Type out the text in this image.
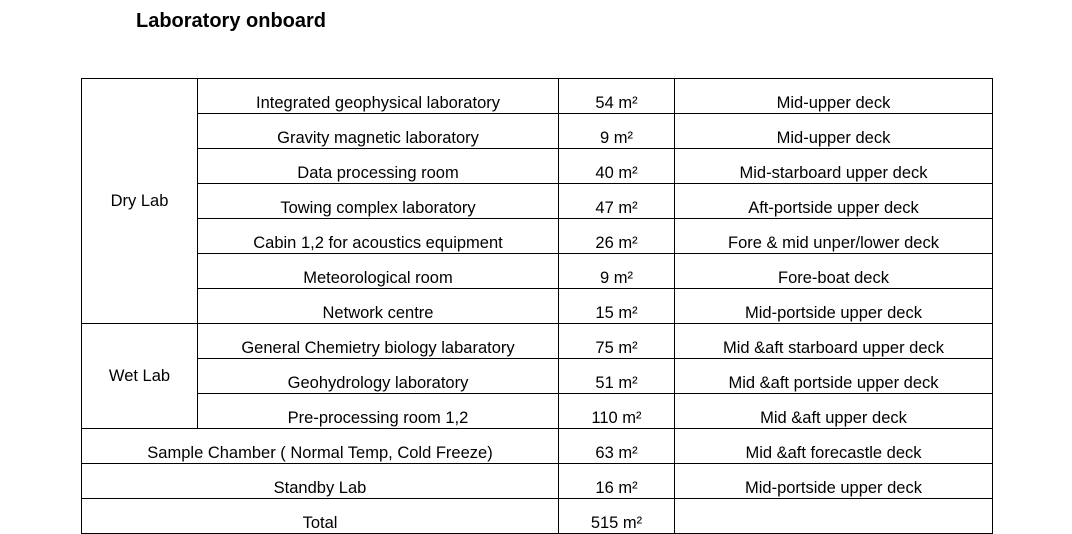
Laboratory onboard
Dry Lab	Integrated geophysical laboratory	54 m²	Mid-upper deck
	Gravity magnetic laboratory	9 m²	Mid-upper deck
	Data processing room	40 m²	Mid-starboard upper deck
	Towing complex laboratory	47 m²	Aft-portside upper deck
	Cabin 1,2 for acoustics equipment	26 m²	Fore & mid unper/lower deck
	Meteorological room	9 m²	Fore-boat deck
	Network centre	15 m²	Mid-portside upper deck
Wet Lab	General Chemietry biology labaratory	75 m²	Mid &aft starboard upper deck
	Geohydrology laboratory	51 m²	Mid &aft portside upper deck
	Pre-processing room 1,2	110 m²	Mid &aft upper deck
Sample Chamber ( Normal Temp, Cold Freeze)		63 m²	Mid &aft forecastle deck
Standby Lab		16 m²	Mid-portside upper deck
Total		515 m²	
